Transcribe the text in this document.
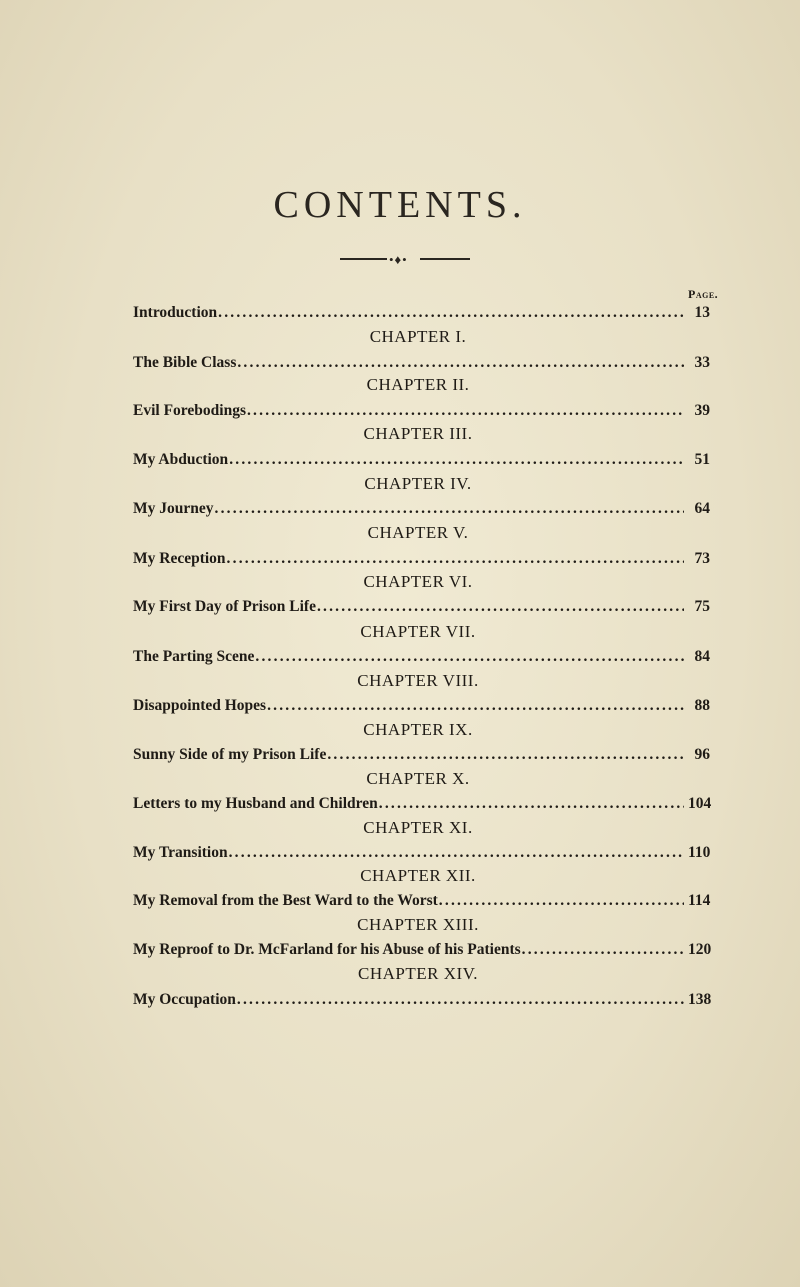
CONTENTS.
•♦•
Page.
Introduction .....	13
CHAPTER I.
The Bible Class .....	33
CHAPTER II.
Evil Forebodings .....	39
CHAPTER III.
My Abduction .....	51
CHAPTER IV.
My Journey .....	64
CHAPTER V.
My Reception .....	73
CHAPTER VI.
My First Day of Prison Life .....	75
CHAPTER VII.
The Parting Scene .....	84
CHAPTER VIII.
Disappointed Hopes .....	88
CHAPTER IX.
Sunny Side of my Prison Life .....	96
CHAPTER X.
Letters to my Husband and Children .....	104
CHAPTER XI.
My Transition .....	110
CHAPTER XII.
My Removal from the Best Ward to the Worst .....	114
CHAPTER XIII.
My Reproof to Dr. McFarland for his Abuse of his Patients .....	120
CHAPTER XIV.
My Occupation .....	138
